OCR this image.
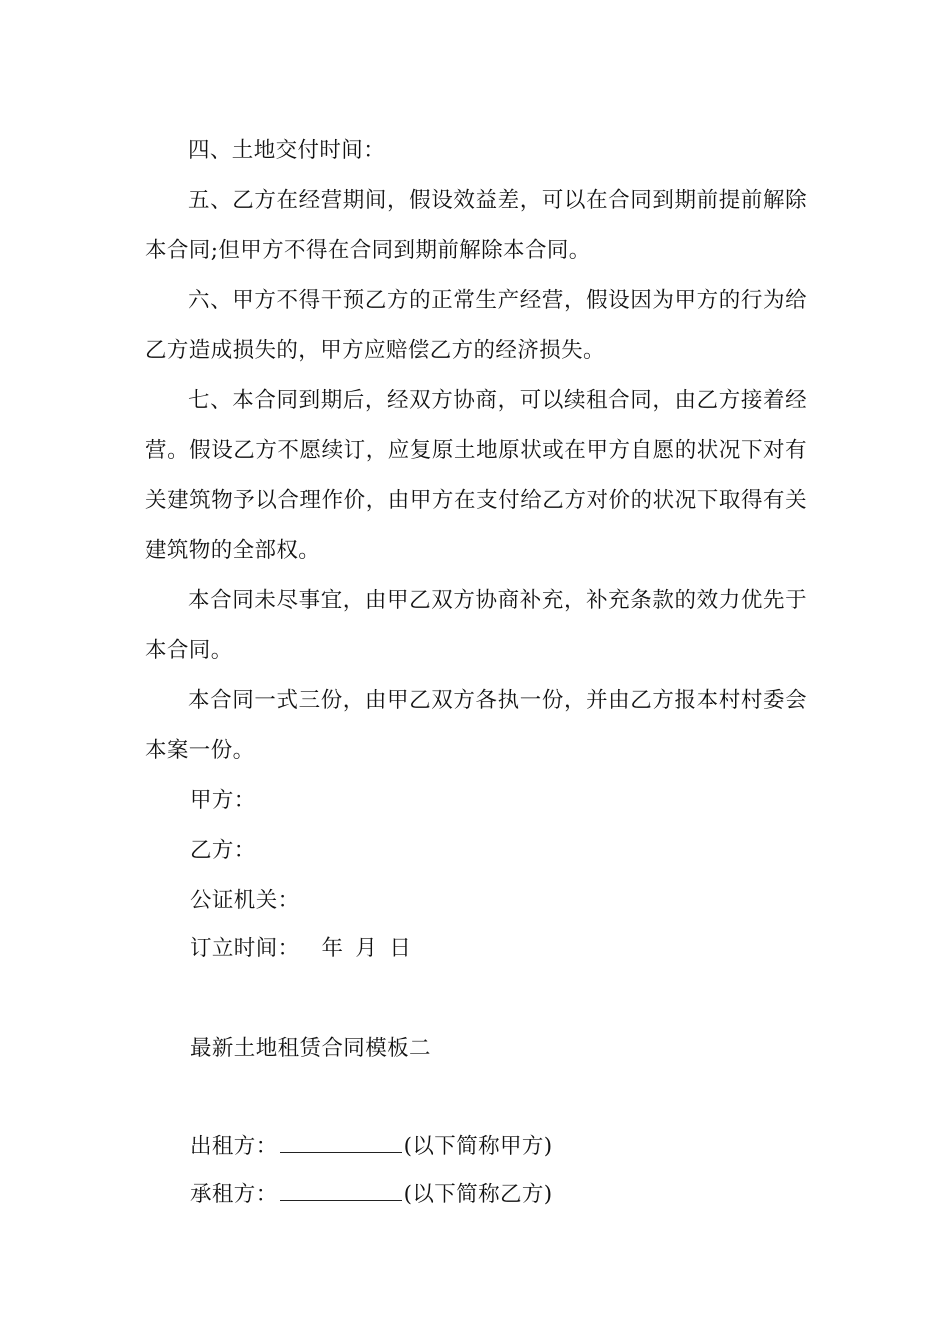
四、土地交付时间：

五、乙方在经营期间，假设效益差，可以在合同到期前提前解除本合同;但甲方不得在合同到期前解除本合同。

六、甲方不得干预乙方的正常生产经营，假设因为甲方的行为给乙方造成损失的，甲方应赔偿乙方的经济损失。

七、本合同到期后，经双方协商，可以续租合同，由乙方接着经营。假设乙方不愿续订，应复原土地原状或在甲方自愿的状况下对有关建筑物予以合理作价，由甲方在支付给乙方对价的状况下取得有关建筑物的全部权。

本合同未尽事宜，由甲乙双方协商补充，补充条款的效力优先于本合同。

本合同一式三份，由甲乙双方各执一份，并由乙方报本村村委会本案一份。

甲方：

乙方：

公证机关：

订立时间： 年 月 日

最新土地租赁合同模板二

出租方：	(以下简称甲方)

承租方：	(以下简称乙方)
